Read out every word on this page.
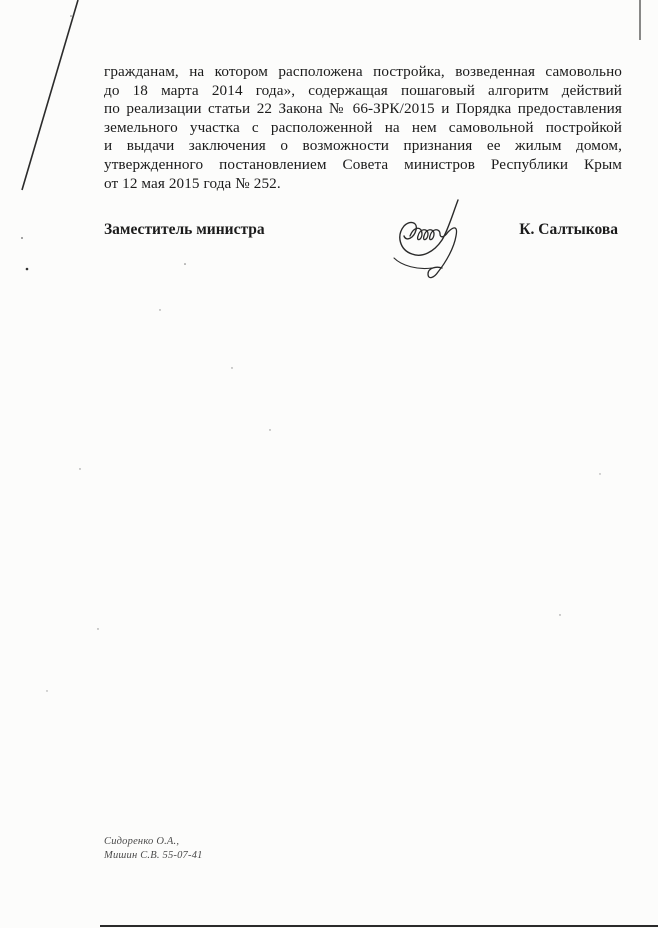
гражданам, на котором расположена постройка, возведенная самовольно
до 18 марта 2014 года», содержащая пошаговый алгоритм действий
по реализации статьи 22 Закона № 66-ЗРК/2015 и Порядка предоставления
земельного участка с расположенной на нем самовольной постройкой
и выдачи заключения о возможности признания ее жилым домом,
утвержденного постановлением Совета министров Республики Крым
от 12 мая 2015 года № 252.
Заместитель министра	К. Салтыкова
Сидоренко О.А.,
Мишин С.В. 55-07-41
